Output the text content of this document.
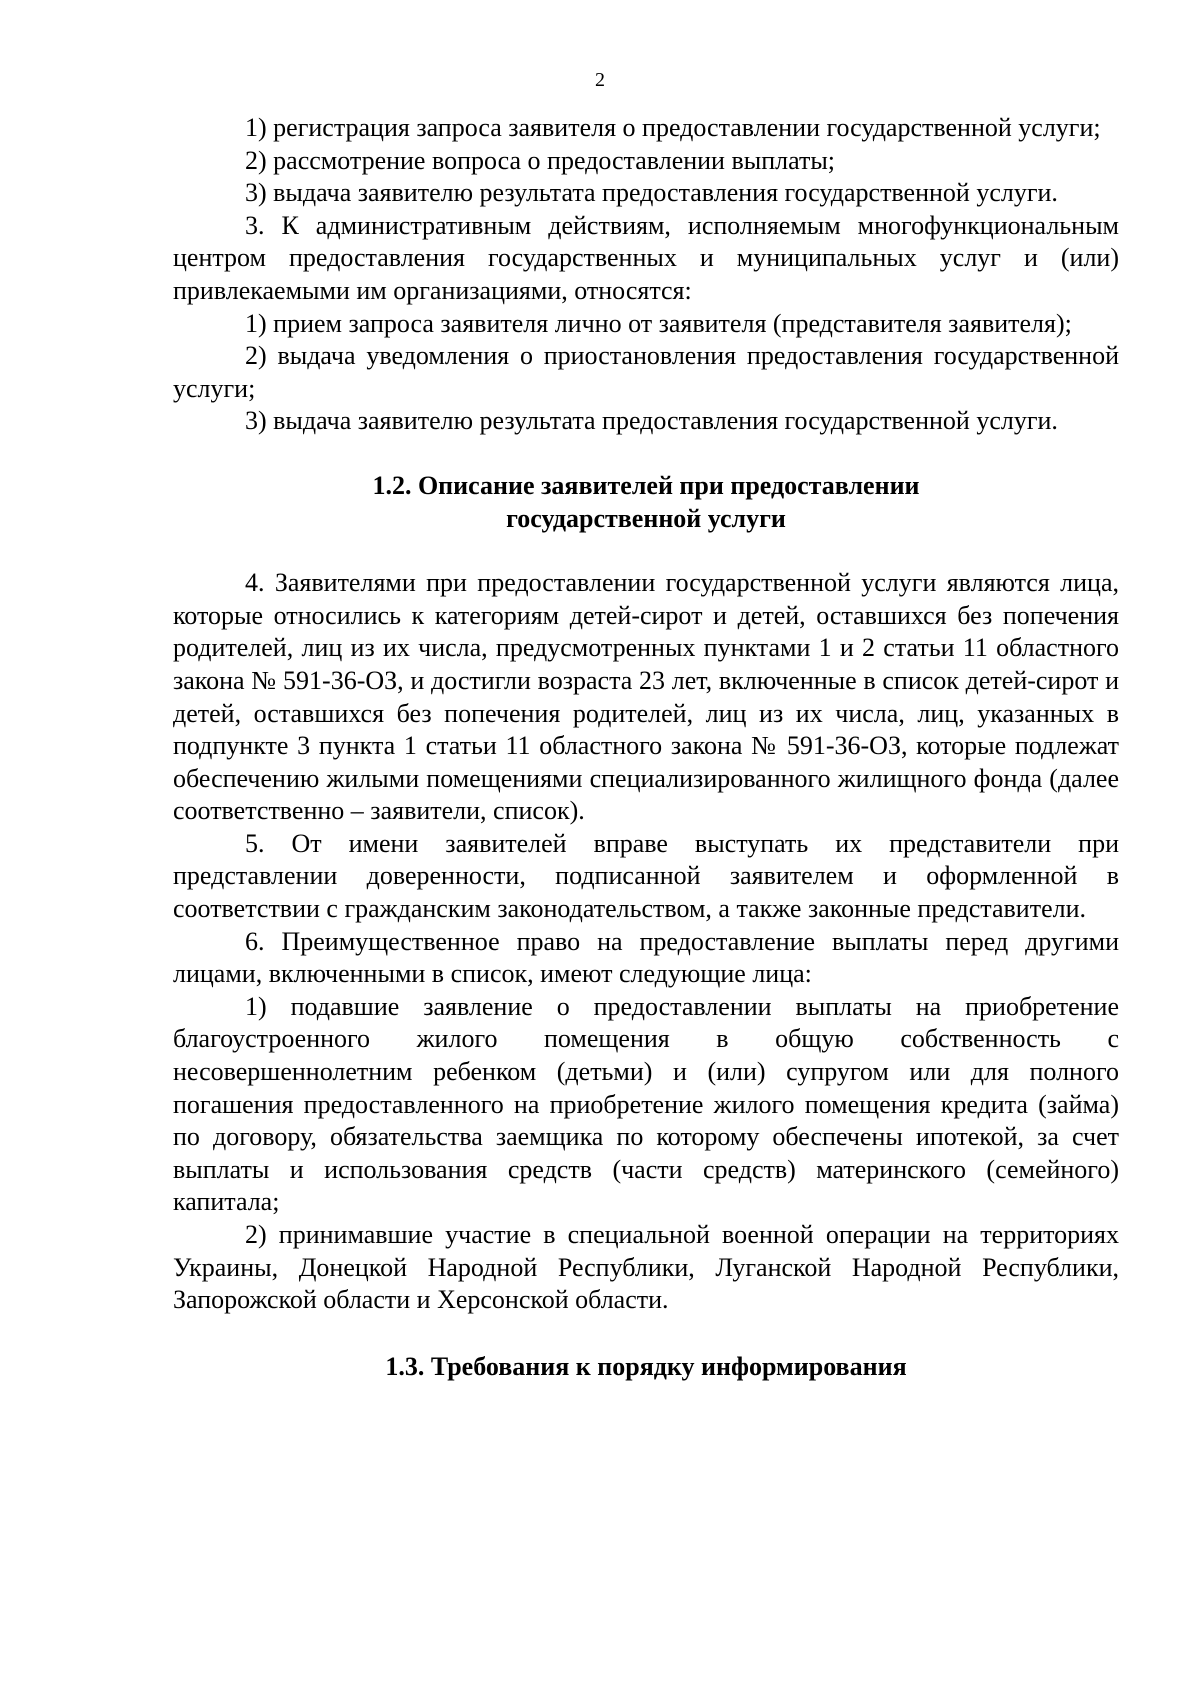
2

1) регистрация запроса заявителя о предоставлении государственной услуги;

2) рассмотрение вопроса о предоставлении выплаты;

3) выдача заявителю результата предоставления государственной услуги.

3. К административным действиям, исполняемым многофункциональным центром предоставления государственных и муниципальных услуг и (или) привлекаемыми им организациями, относятся:

1) прием запроса заявителя лично от заявителя (представителя заявителя);

2) выдача уведомления о приостановления предоставления государственной услуги;

3) выдача заявителю результата предоставления государственной услуги.

1.2. Описание заявителей при предоставлении

государственной услуги

4. Заявителями при предоставлении государственной услуги являются лица, которые относились к категориям детей-сирот и детей, оставшихся без попечения родителей, лиц из их числа, предусмотренных пунктами 1 и 2 статьи 11 областного закона № 591-36-ОЗ, и достигли возраста 23 лет, включенные в список детей-сирот и детей, оставшихся без попечения родителей, лиц из их числа, лиц, указанных в подпункте 3 пункта 1 статьи 11 областного закона № 591-36-ОЗ, которые подлежат обеспечению жилыми помещениями специализированного жилищного фонда (далее соответственно – заявители, список).

5. От имени заявителей вправе выступать их представители при представлении доверенности, подписанной заявителем и оформленной в соответствии с гражданским законодательством, а также законные представители.

6. Преимущественное право на предоставление выплаты перед другими лицами, включенными в список, имеют следующие лица:

1) подавшие заявление о предоставлении выплаты на приобретение благоустроенного жилого помещения в общую собственность с несовершеннолетним ребенком (детьми) и (или) супругом или для полного погашения предоставленного на приобретение жилого помещения кредита (займа) по договору, обязательства заемщика по которому обеспечены ипотекой, за счет выплаты и использования средств (части средств) материнского (семейного) капитала;

2) принимавшие участие в специальной военной операции на территориях Украины, Донецкой Народной Республики, Луганской Народной Республики, Запорожской области и Херсонской области.

1.3. Требования к порядку информирования
